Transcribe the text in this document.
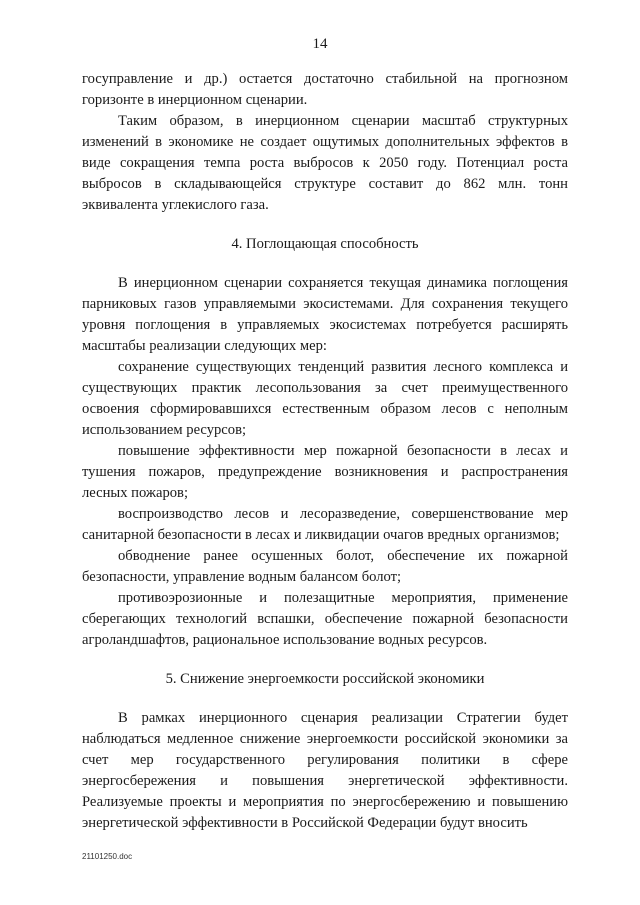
14

госуправление и др.) остается достаточно стабильной на прогнозном горизонте в инерционном сценарии.

Таким образом, в инерционном сценарии масштаб структурных изменений в экономике не создает ощутимых дополнительных эффектов в виде сокращения темпа роста выбросов к 2050 году. Потенциал роста выбросов в складывающейся структуре составит до 862 млн. тонн эквивалента углекислого газа.

4. Поглощающая способность

В инерционном сценарии сохраняется текущая динамика поглощения парниковых газов управляемыми экосистемами. Для сохранения текущего уровня поглощения в управляемых экосистемах потребуется расширять масштабы реализации следующих мер:

сохранение существующих тенденций развития лесного комплекса и существующих практик лесопользования за счет преимущественного освоения сформировавшихся естественным образом лесов с неполным использованием ресурсов;

повышение эффективности мер пожарной безопасности в лесах и тушения пожаров, предупреждение возникновения и распространения лесных пожаров;

воспроизводство лесов и лесоразведение, совершенствование мер санитарной безопасности в лесах и ликвидации очагов вредных организмов;

обводнение ранее осушенных болот, обеспечение их пожарной безопасности, управление водным балансом болот;

противоэрозионные и полезащитные мероприятия, применение сберегающих технологий вспашки, обеспечение пожарной безопасности агроландшафтов, рациональное использование водных ресурсов.

5. Снижение энергоемкости российской экономики

В рамках инерционного сценария реализации Стратегии будет наблюдаться медленное снижение энергоемкости российской экономики за счет мер государственного регулирования политики в сфере энергосбережения и повышения энергетической эффективности. Реализуемые проекты и мероприятия по энергосбережению и повышению энергетической эффективности в Российской Федерации будут вносить

21101250.doc
